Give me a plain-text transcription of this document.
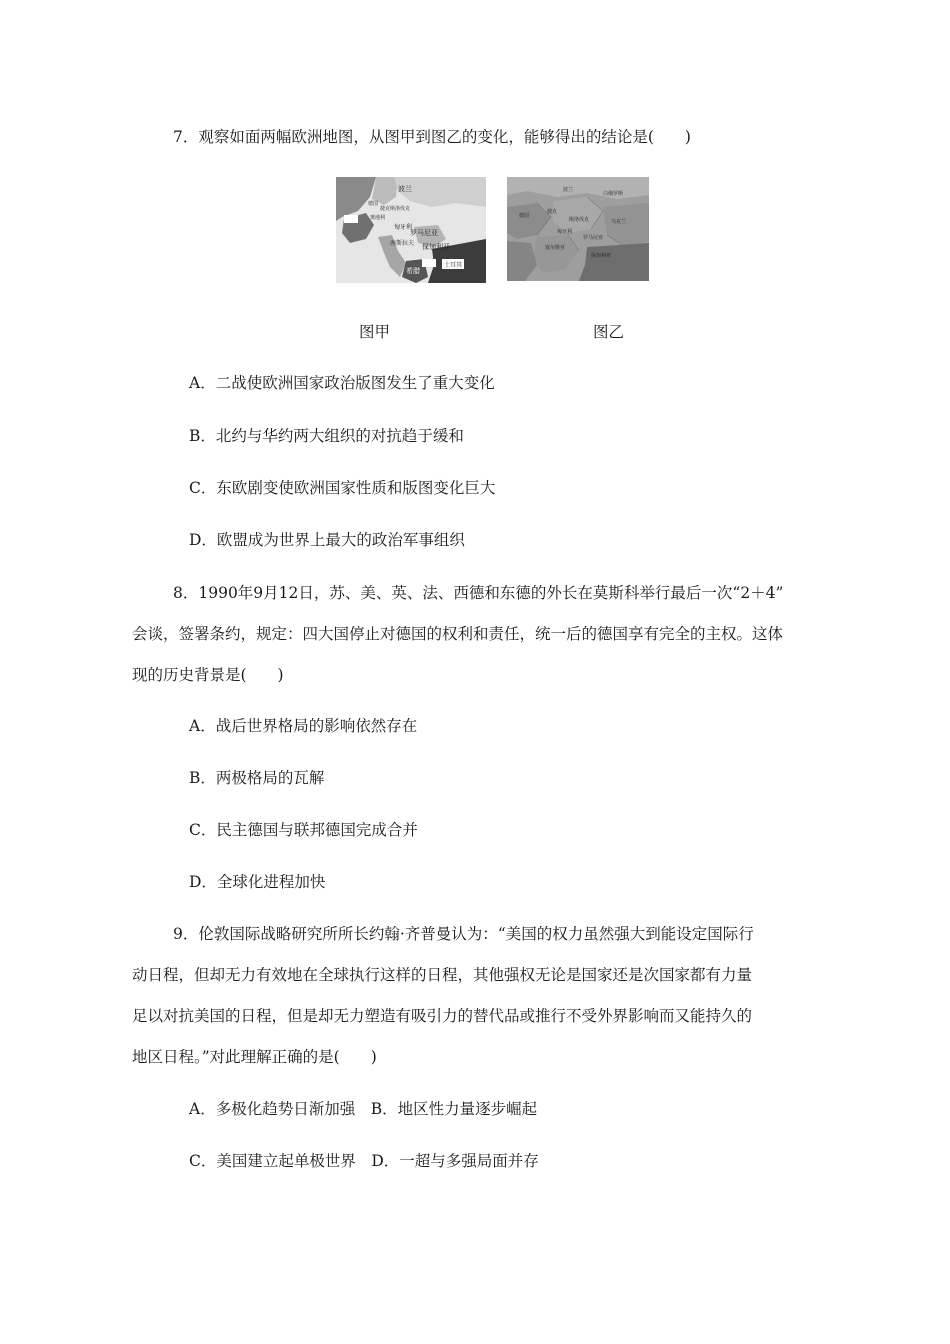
7．观察如面两幅欧洲地图，从图甲到图乙的变化，能够得出的结论是(　　)
波兰
德国
奥地利
捷克斯洛伐克
匈牙利
罗马尼亚
南斯拉夫 保加利亚
希腊
土耳其
波兰
德国
白俄罗斯
乌克兰
捷克
斯洛伐克
匈牙利
罗马尼亚
塞尔维亚
保加利亚
图甲	图乙
A．二战使欧洲国家政治版图发生了重大变化
B．北约与华约两大组织的对抗趋于缓和
C．东欧剧变使欧洲国家性质和版图变化巨大
D．欧盟成为世界上最大的政治军事组织
8．1990年9月12日，苏、美、英、法、西德和东德的外长在莫斯科举行最后一次“2＋4”
会谈，签署条约，规定：四大国停止对德国的权利和责任，统一后的德国享有完全的主权。这体
现的历史背景是(　　)
A．战后世界格局的影响依然存在
B．两极格局的瓦解
C．民主德国与联邦德国完成合并
D．全球化进程加快
9．伦敦国际战略研究所所长约翰·齐普曼认为：“美国的权力虽然强大到能设定国际行
动日程，但却无力有效地在全球执行这样的日程，其他强权无论是国家还是次国家都有力量
足以对抗美国的日程，但是却无力塑造有吸引力的替代品或推行不受外界影响而又能持久的
地区日程。”对此理解正确的是(　　)
A．多极化趋势日渐加强　B．地区性力量逐步崛起
C．美国建立起单极世界　D．一超与多强局面并存
